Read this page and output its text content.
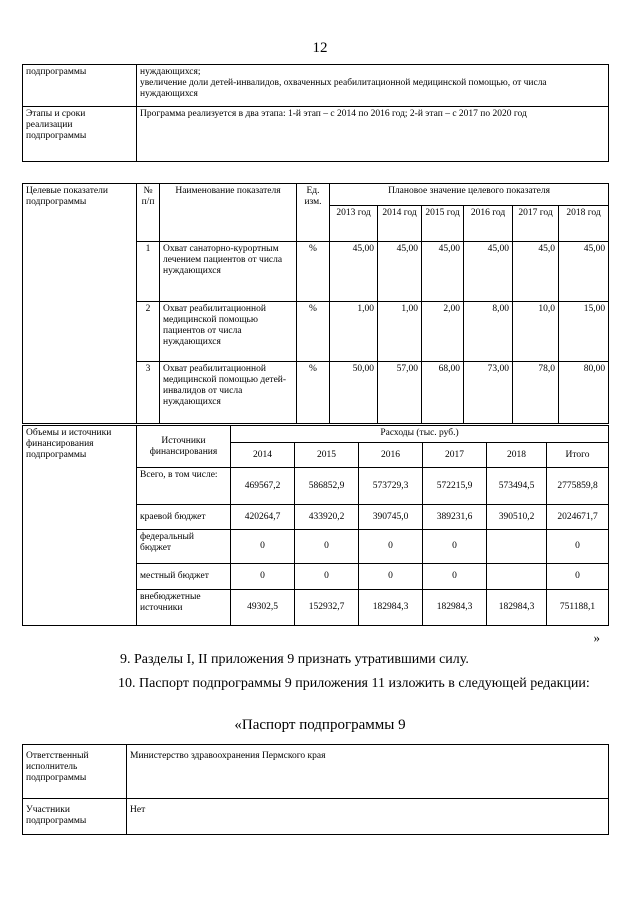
12
подпрограммы	нуждающихся;
увеличение доли детей-инвалидов, охваченных реабилитационной медицинской помощью, от числа нуждающихся

Этапы и сроки реализации подпрограммы	Программа реализуется в два этапа: 1-й этап – с 2014 по 2016 год; 2-й этап – с 2017 по 2020 год
Целевые показатели подпрограммы	№ п/п	Наименование показателя	Ед. изм.	Плановое значение целевого показателя					
				2013 год	2014 год	2015 год	2016 год	2017 год	2018 год
	1	Охват санаторно-курортным лечением пациентов от числа нуждающихся	%	45,00	45,00	45,00	45,00	45,0	45,00
	2	Охват реабилитационной медицинской помощью пациентов от числа нуждающихся	%	1,00	1,00	2,00	8,00	10,0	15,00
	3	Охват реабилитационной медицинской помощью детей-инвалидов от числа нуждающихся	%	50,00	57,00	68,00	73,00	78,0	80,00
Объемы и источники финансирования подпрограммы	Источники финансирования	Расходы (тыс. руб.)					
		2014	2015	2016	2017	2018	Итого
	Всего, в том числе:	469567,2	586852,9	573729,3	572215,9	573494,5	2775859,8
	краевой бюджет	420264,7	433920,2	390745,0	389231,6	390510,2	2024671,7
	федеральный бюджет	0	0	0	0		0
	местный бюджет	0	0	0	0		0
	внебюджетные источники	49302,5	152932,7	182984,3	182984,3	182984,3	751188,1
»
9. Разделы I, II приложения 9 признать утратившими силу.
10. Паспорт подпрограммы 9 приложения 11 изложить в следующей редакции:
«Паспорт подпрограммы 9
Ответственный исполнитель подпрограммы	Министерство здравоохранения Пермского края
Участники подпрограммы	Нет
